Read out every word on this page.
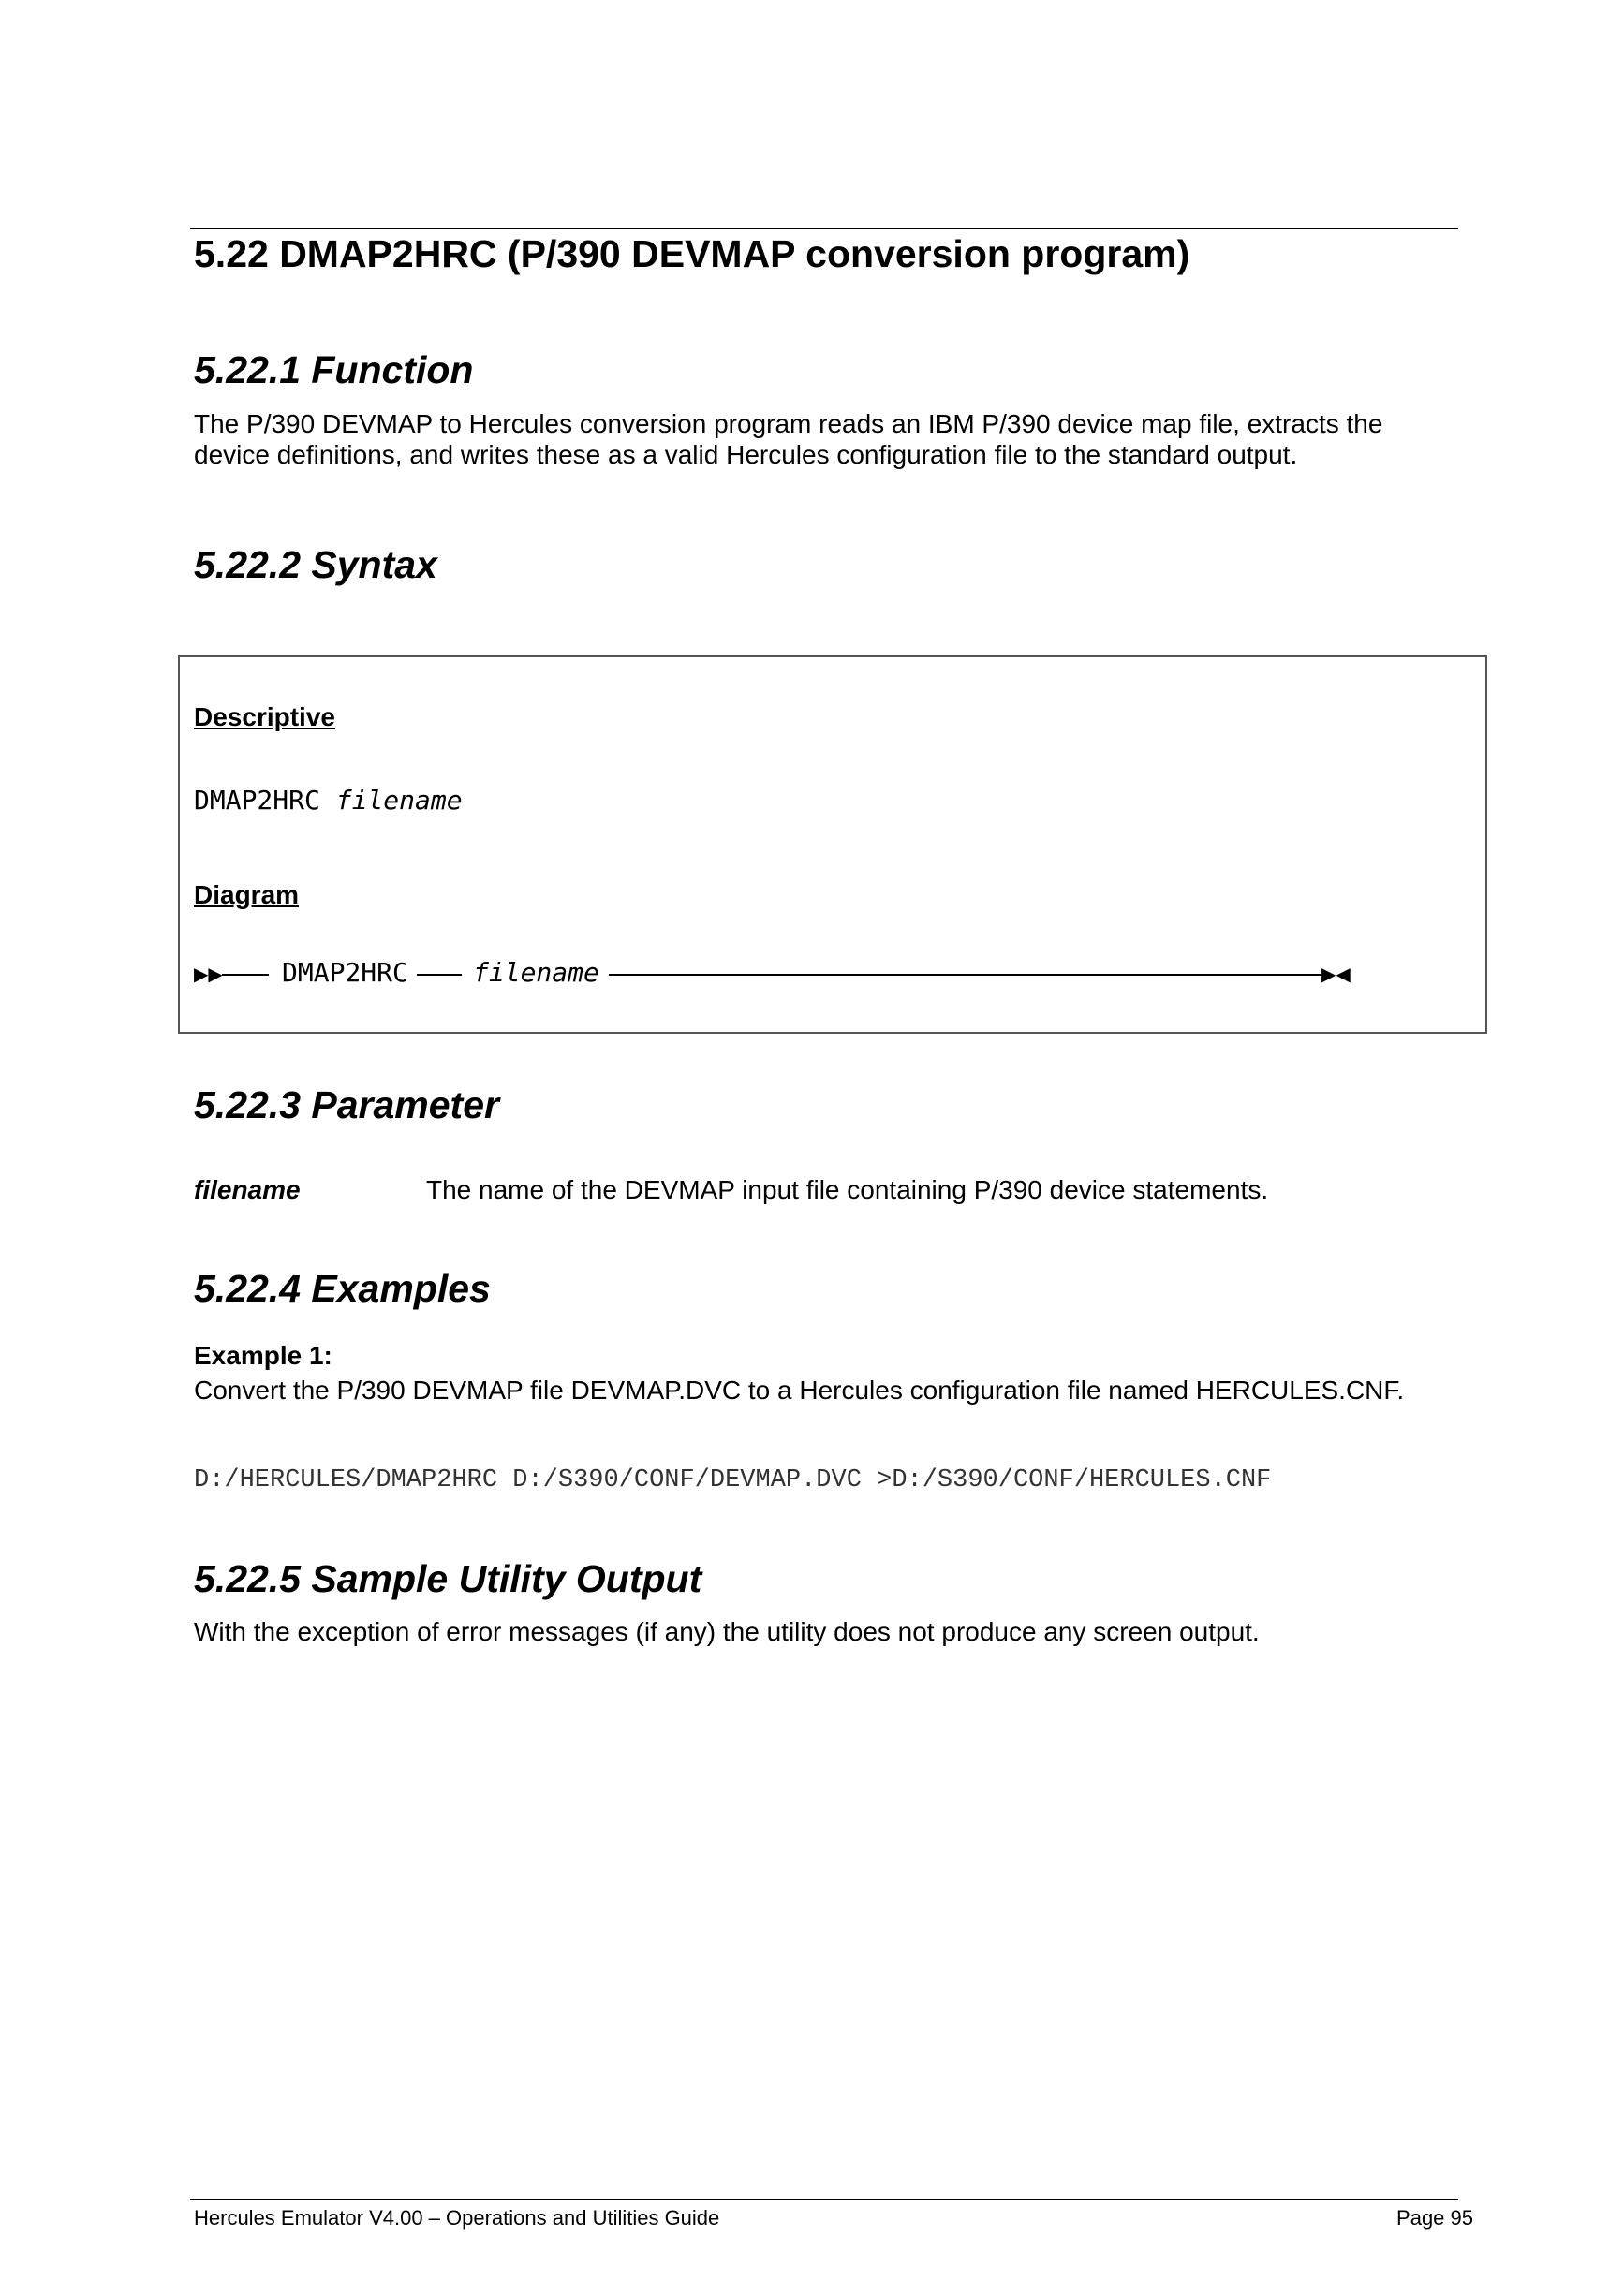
5.22 DMAP2HRC (P/390 DEVMAP conversion program)
5.22.1 Function
The P/390 DEVMAP to Hercules conversion program reads an IBM P/390 device map file, extracts the
device definitions, and writes these as a valid Hercules configuration file to the standard output.
5.22.2 Syntax
Descriptive
DMAP2HRC filename
Diagram
▶▶ DMAP2HRC filename	▶◀
5.22.3 Parameter
filename	The name of the DEVMAP input file containing P/390 device statements.
5.22.4 Examples
Example 1:
Convert the P/390 DEVMAP file DEVMAP.DVC to a Hercules configuration file named HERCULES.CNF.
D:/HERCULES/DMAP2HRC D:/S390/CONF/DEVMAP.DVC >D:/S390/CONF/HERCULES.CNF
5.22.5 Sample Utility Output
With the exception of error messages (if any) the utility does not produce any screen output.
Hercules Emulator V4.00 – Operations and Utilities Guide	Page 95
